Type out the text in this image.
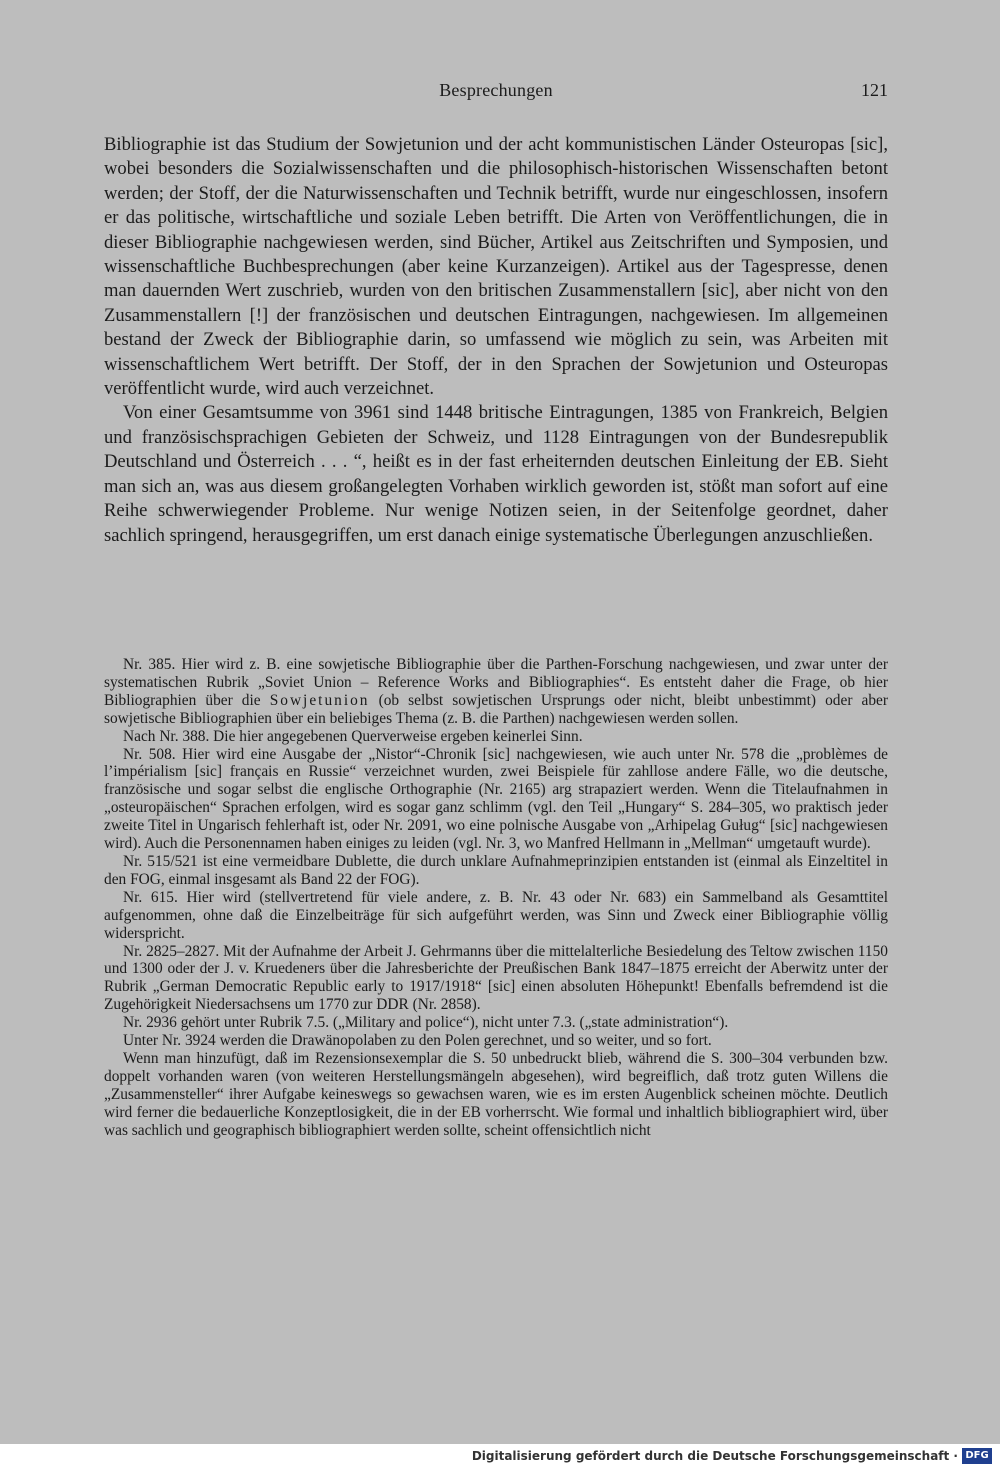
Besprechungen	121

Bibliographie ist das Studium der Sowjetunion und der acht kommunistischen Länder Osteuropas [sic], wobei besonders die Sozialwissenschaften und die philosophisch-historischen Wissenschaften betont werden; der Stoff, der die Naturwissenschaften und Technik betrifft, wurde nur eingeschlossen, insofern er das politische, wirtschaftliche und soziale Leben betrifft. Die Arten von Veröffentlichungen, die in dieser Bibliographie nachgewiesen werden, sind Bücher, Artikel aus Zeitschriften und Symposien, und wissenschaftliche Buchbesprechungen (aber keine Kurzanzeigen). Artikel aus der Tagespresse, denen man dauernden Wert zuschrieb, wurden von den britischen Zusammenstallern [sic], aber nicht von den Zusammenstallern [!] der französischen und deutschen Eintragungen, nachgewiesen. Im allgemeinen bestand der Zweck der Bibliographie darin, so umfassend wie möglich zu sein, was Arbeiten mit wissenschaftlichem Wert betrifft. Der Stoff, der in den Sprachen der Sowjetunion und Osteuropas veröffentlicht wurde, wird auch verzeichnet.

Von einer Gesamtsumme von 3961 sind 1448 britische Eintragungen, 1385 von Frankreich, Belgien und französischsprachigen Gebieten der Schweiz, und 1128 Eintragungen von der Bundesrepublik Deutschland und Österreich . . . “, heißt es in der fast erheiternden deutschen Einleitung der EB. Sieht man sich an, was aus diesem großangelegten Vorhaben wirklich geworden ist, stößt man sofort auf eine Reihe schwerwiegender Probleme. Nur wenige Notizen seien, in der Seitenfolge geordnet, daher sachlich springend, herausgegriffen, um erst danach einige systematische Überlegungen anzuschließen.

Nr. 385. Hier wird z. B. eine sowjetische Bibliographie über die Parthen-Forschung nachgewiesen, und zwar unter der systematischen Rubrik „Soviet Union – Reference Works and Bibliographies“. Es entsteht daher die Frage, ob hier Bibliographien über die Sowjetunion (ob selbst sowjetischen Ursprungs oder nicht, bleibt unbestimmt) oder aber sowjetische Bibliographien über ein beliebiges Thema (z. B. die Parthen) nachgewiesen werden sollen.

Nach Nr. 388. Die hier angegebenen Querverweise ergeben keinerlei Sinn.

Nr. 508. Hier wird eine Ausgabe der „Nistor“-Chronik [sic] nachgewiesen, wie auch unter Nr. 578 die „problèmes de l’impérialism [sic] français en Russie“ verzeichnet wurden, zwei Beispiele für zahllose andere Fälle, wo die deutsche, französische und sogar selbst die englische Orthographie (Nr. 2165) arg strapaziert werden. Wenn die Titelaufnahmen in „osteuropäischen“ Sprachen erfolgen, wird es sogar ganz schlimm (vgl. den Teil „Hungary“ S. 284–305, wo praktisch jeder zweite Titel in Ungarisch fehlerhaft ist, oder Nr. 2091, wo eine polnische Ausgabe von „Arhipelag Guług“ [sic] nachgewiesen wird). Auch die Personennamen haben einiges zu leiden (vgl. Nr. 3, wo Manfred Hellmann in „Mellman“ umgetauft wurde).

Nr. 515/521 ist eine vermeidbare Dublette, die durch unklare Aufnahmeprinzipien entstanden ist (einmal als Einzeltitel in den FOG, einmal insgesamt als Band 22 der FOG).

Nr. 615. Hier wird (stellvertretend für viele andere, z. B. Nr. 43 oder Nr. 683) ein Sammelband als Gesamttitel aufgenommen, ohne daß die Einzelbeiträge für sich aufgeführt werden, was Sinn und Zweck einer Bibliographie völlig widerspricht.

Nr. 2825–2827. Mit der Aufnahme der Arbeit J. Gehrmanns über die mittelalterliche Besiedelung des Teltow zwischen 1150 und 1300 oder der J. v. Kruedeners über die Jahresberichte der Preußischen Bank 1847–1875 erreicht der Aberwitz unter der Rubrik „German Democratic Republic early to 1917/1918“ [sic] einen absoluten Höhepunkt! Ebenfalls befremdend ist die Zugehörigkeit Niedersachsens um 1770 zur DDR (Nr. 2858).

Nr. 2936 gehört unter Rubrik 7.5. („Military and police“), nicht unter 7.3. („state administration“).

Unter Nr. 3924 werden die Drawänopolaben zu den Polen gerechnet, und so weiter, und so fort.

Wenn man hinzufügt, daß im Rezensionsexemplar die S. 50 unbedruckt blieb, während die S. 300–304 verbunden bzw. doppelt vorhanden waren (von weiteren Herstellungsmängeln abgesehen), wird begreiflich, daß trotz guten Willens die „Zusammensteller“ ihrer Aufgabe keineswegs so gewachsen waren, wie es im ersten Augenblick scheinen möchte. Deutlich wird ferner die bedauerliche Konzeptlosigkeit, die in der EB vorherrscht. Wie formal und inhaltlich bibliographiert wird, über was sachlich und geographisch bibliographiert werden sollte, scheint offensichtlich nicht

Digitalisierung gefördert durch die Deutsche Forschungsgemeinschaft · DFG
